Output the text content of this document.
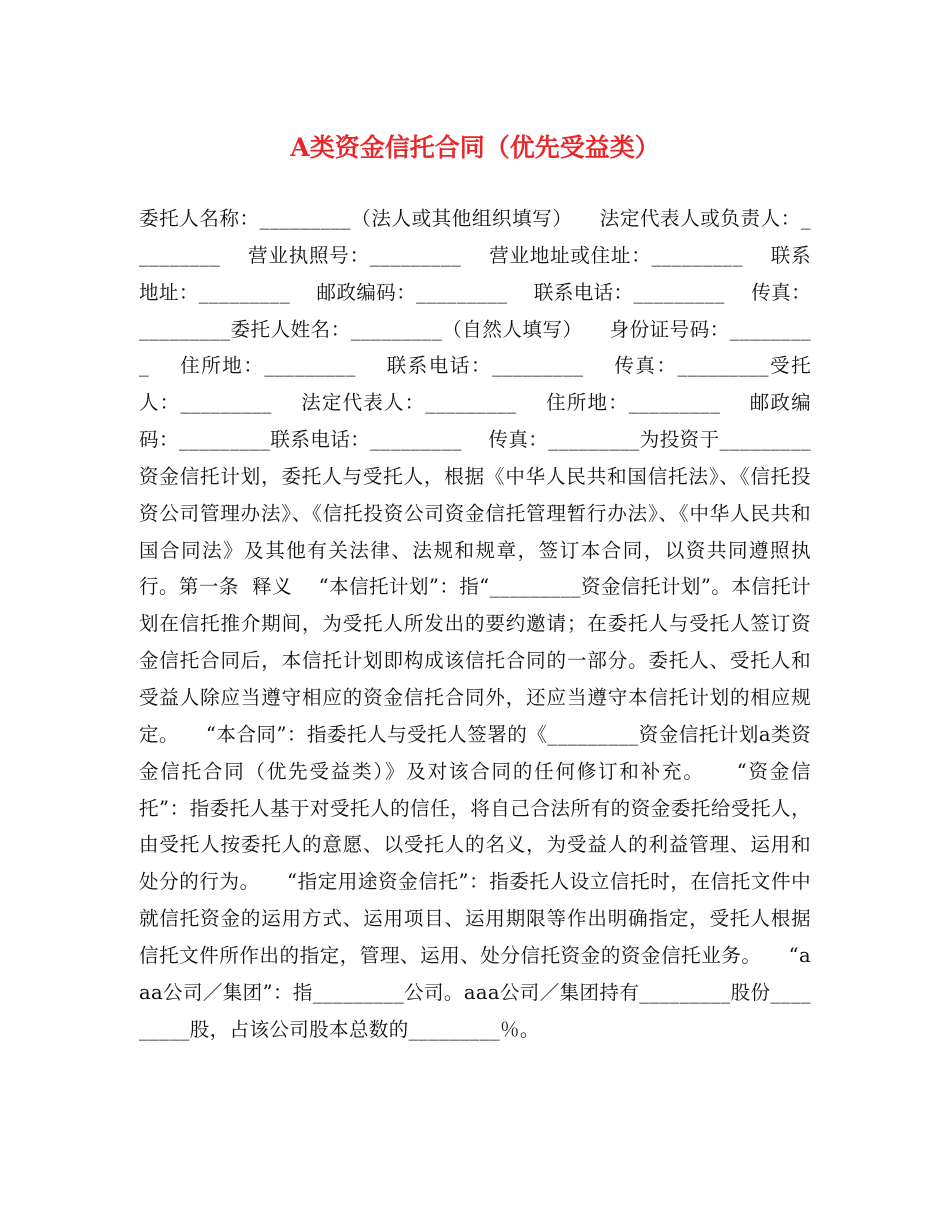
A类资金信托合同（优先受益类）

委托人名称：_________（法人或其他组织填写）    法定代表人或负责人：_________    营业执照号：_________    营业地址或住址：_________    联系地址：_________    邮政编码：_________    联系电话：_________    传真：_________委托人姓名：_________（自然人填写）    身份证号码：_________    住所地：_________    联系电话：_________    传真：_________受托人：_________    法定代表人：_________    住所地：_________    邮政编码：_________联系电话：_________    传真：_________为投资于_________资金信托计划，委托人与受托人，根据《中华人民共和国信托法》、《信托投资公司管理办法》、《信托投资公司资金信托管理暂行办法》、《中华人民共和国合同法》及其他有关法律、法规和规章，签订本合同，以资共同遵照执行。第一条  释义    “本信托计划”：指“_________资金信托计划”。本信托计划在信托推介期间，为受托人所发出的要约邀请；在委托人与受托人签订资金信托合同后，本信托计划即构成该信托合同的一部分。委托人、受托人和受益人除应当遵守相应的资金信托合同外，还应当遵守本信托计划的相应规定。    “本合同”：指委托人与受托人签署的《_________资金信托计划a类资金信托合同（优先受益类）》及对该合同的任何修订和补充。    “资金信托”：指委托人基于对受托人的信任，将自己合法所有的资金委托给受托人，由受托人按委托人的意愿、以受托人的名义，为受益人的利益管理、运用和处分的行为。    “指定用途资金信托”：指委托人设立信托时，在信托文件中就信托资金的运用方式、运用项目、运用期限等作出明确指定，受托人根据信托文件所作出的指定，管理、运用、处分信托资金的资金信托业务。    “aaa公司／集团”：指_________公司。aaa公司／集团持有_________股份_________股，占该公司股本总数的_________％。
